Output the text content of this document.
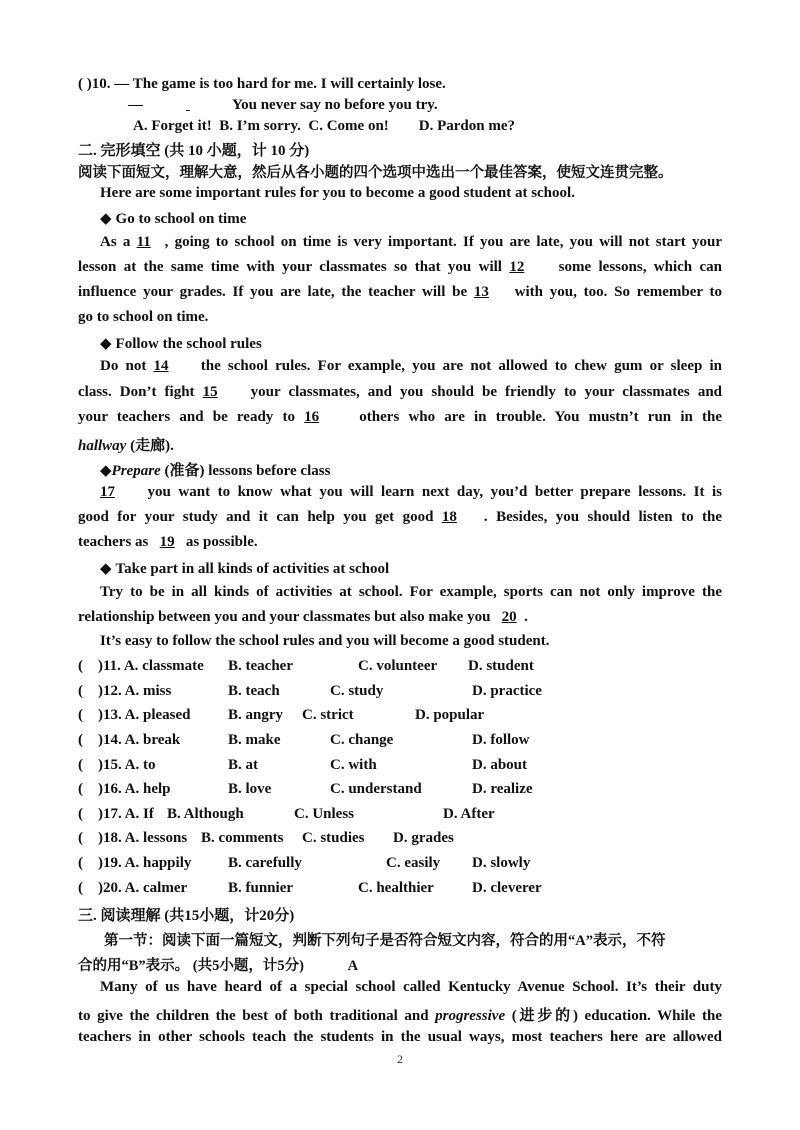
( )10. — The game is too hard for me. I will certainly lose.
—	You never say no before you try.
A. Forget it!  B. I’m sorry.  C. Come on!        D. Pardon me?
二. 完形填空 (共 10 小题，计 10 分)
阅读下面短文，理解大意，然后从各小题的四个选项中选出一个最佳答案，使短文连贯完整。
Here are some important rules for you to become a good student at school.
◆ Go to school on time
As a 11 , going to school on time is very important. If you are late, you will not start your
lesson at the same time with your classmates so that you will 12 some lessons, which can
influence your grades. If you are late, the teacher will be 13 with you, too. So remember to
go to school on time.
◆ Follow the school rules
Do not 14 the school rules. For example, you are not allowed to chew gum or sleep in
class. Don’t fight 15 your classmates, and you should be friendly to your classmates and
your teachers and be ready to 16	others who are in trouble. You mustn’t run in the
hallway (走廊).
◆Prepare (准备) lessons before class
17 you want to know what you will learn next day, you’d better prepare lessons. It is
good for your study and it can help you get good 18 . Besides, you should listen to the
teachers as 19 as possible.
◆ Take part in all kinds of activities at school
Try to be in all kinds of activities at school. For example, sports can not only improve the
relationship between you and your classmates but also make you 20 .
It’s easy to follow the school rules and you will become a good student.
(    )11. A. classmate B. teacher	C. volunteer D. student
(    )12. A. miss	B. teach	C. study	D. practice
(    )13. A. pleased	B. angry C. strict	D. popular
(    )14. A. break	B. make	C. change	D. follow
(    )15. A. to	B. at	C. with	D. about
(    )16. A. help	B. love	C. understand	D. realize
(    )17. A. If B. Although	C. Unless	D. After
(    )18. A. lessons B. comments C. studies D. grades
(    )19. A. happily B. carefully	C. easily D. slowly
(    )20. A. calmer	B. funnier	C. healthier	D. cleverer
三. 阅读理解 (共15小题，计20分)
第一节：阅读下面一篇短文，判断下列句子是否符合短文内容，符合的用“A”表示，不符
合的用“B”表示。 (共5小题，计5分)	A
Many of us have heard of a special school called Kentucky Avenue School. It’s their duty
to give the children the best of both traditional and progressive (进步的) education. While the
teachers in other schools teach the students in the usual ways, most teachers here are allowed
2
